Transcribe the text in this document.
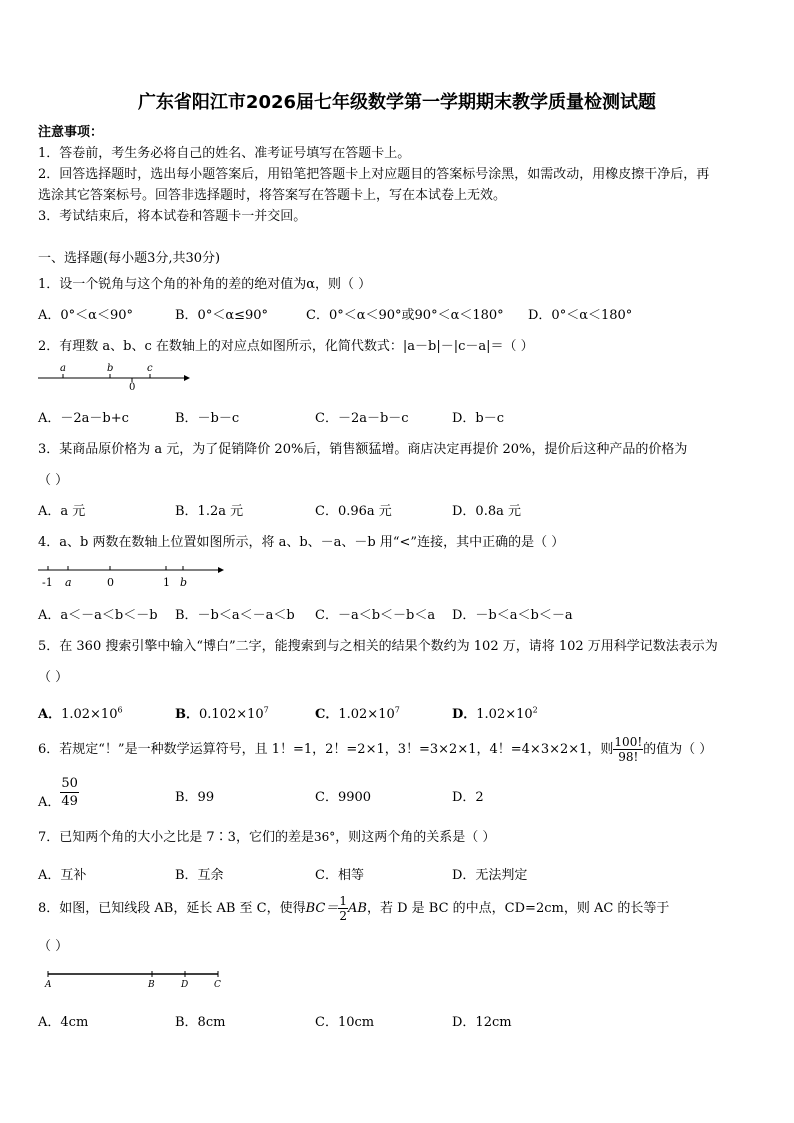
广东省阳江市2026届七年级数学第一学期期末教学质量检测试题
注意事项：
1．答卷前，考生务必将自己的姓名、准考证号填写在答题卡上。
2．回答选择题时，选出每小题答案后，用铅笔把答题卡上对应题目的答案标号涂黑，如需改动，用橡皮擦干净后，再
选涂其它答案标号。回答非选择题时，将答案写在答题卡上，写在本试卷上无效。
3．考试结束后，将本试卷和答题卡一并交回。
一、选择题(每小题3分,共30分)
1．设一个锐角与这个角的补角的差的绝对值为α，则（ ）
A．0°＜α＜90°	B．0°＜α≤90°	C．0°＜α＜90°或90°＜α＜180° D．0°＜α＜180°
2．有理数 a、b、c 在数轴上的对应点如图所示，化简代数式：|a－b|－|c－a|＝（ ）
a	b
0
c
A．－2a－b+c	B．－b－c	C．－2a－b－c	D．b－c
3．某商品原价格为 a 元，为了促销降价 20%后，销售额猛增。商店决定再提价 20%，提价后这种产品的价格为
（ ）
A．a 元	B．1.2a 元	C．0.96a 元	D．0.8a 元
4．a、b 两数在数轴上位置如图所示，将 a、b、－a、－b 用“<”连接，其中正确的是（ ）
-1 a	0	1 b
A．a＜－a＜b＜－b B．－b＜a＜－a＜b C．－a＜b＜－b＜a D．－b＜a＜b＜－a
5．在 360 搜索引擎中输入“博白”二字，能搜索到与之相关的结果个数约为 102 万，请将 102 万用科学记数法表示为
（ ）
A．$1.02\times 10^6$	B．$0.102\times 10^7$	C．$1.02\times 10^7$	D．$1.02\times 10^2$
6．若规定“！”是一种数学运算符号，且 1！=1，2！=2×1，3！=3×2×1，4！=4×3×2×1，则 $\frac{100!}{98!}$ 的值为（ ）
A． $\frac{50}{49}$	B．99	C．9900	D．2
7．已知两个角的大小之比是 7∶3，它们的差是36°，则这两个角的关系是（ ）
A．互补	B．互余	C．相等	D．无法判定
8．如图，已知线段 AB，延长 AB 至 C，使得$BC= \frac{1}{2}$ AB，若 D 是 BC 的中点，CD=2cm，则 AC 的长等于
（ ）
A	B	D	C
A．4cm	B．8cm	C．10cm	D．12cm
